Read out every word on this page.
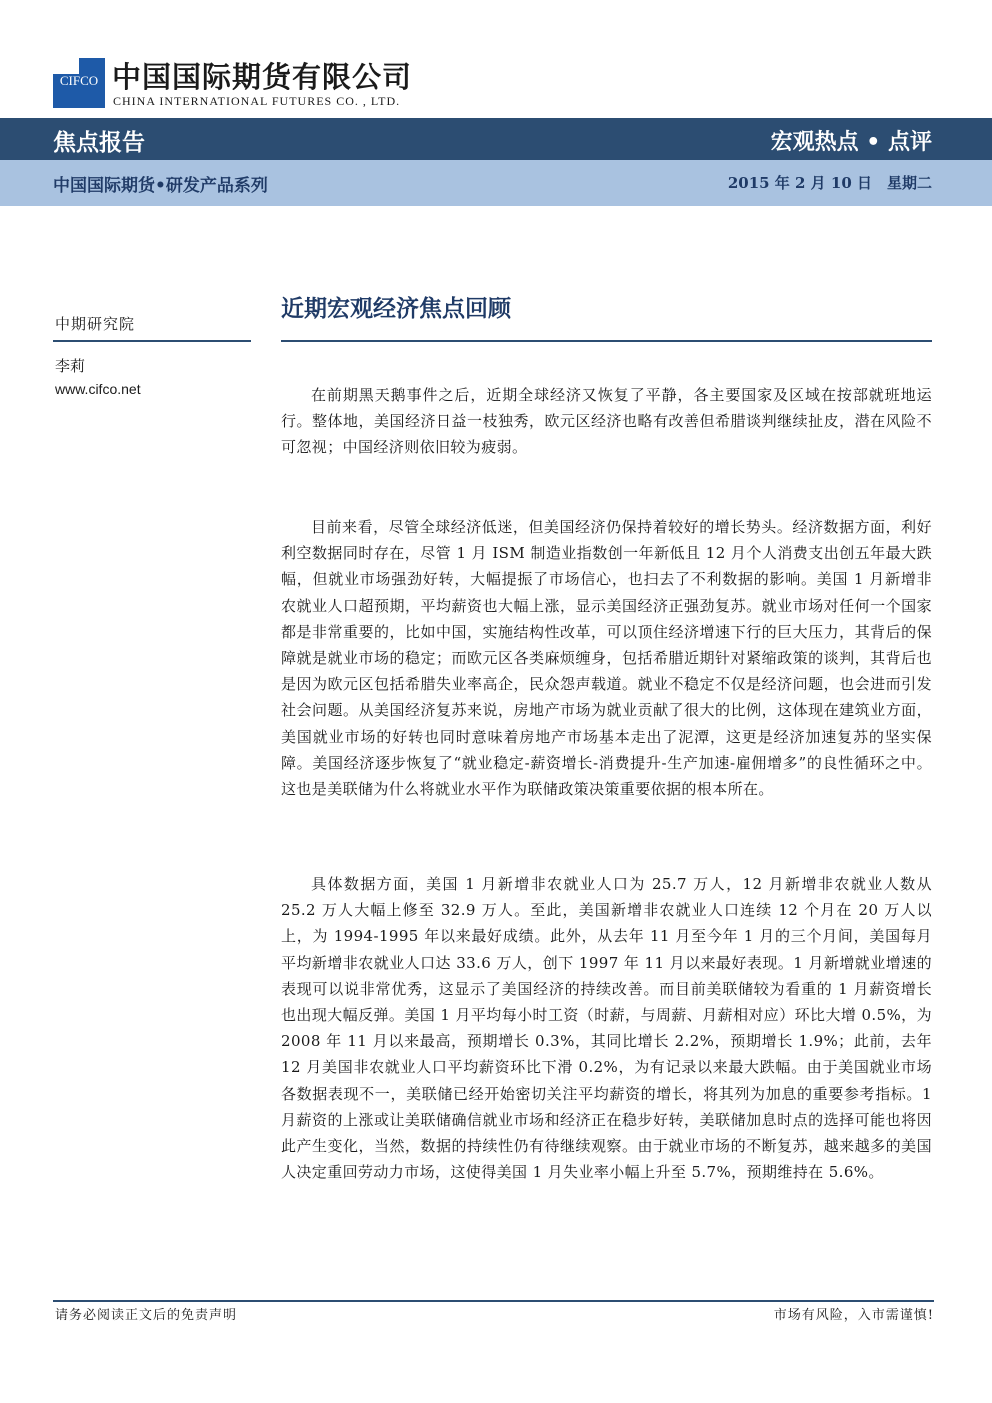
CIFCO 中国国际期货有限公司
CHINA INTERNATIONAL FUTURES CO. , LTD.
焦点报告	宏观热点 • 点评
中国国际期货•研发产品系列	2015 年 2 月 10 日　星期二
中期研究院
李莉
www.cifco.net
近期宏观经济焦点回顾

在前期黑天鹅事件之后，近期全球经济又恢复了平静，各主要国家及区域在按部就班地运行。整体地，美国经济日益一枝独秀，欧元区经济也略有改善但希腊谈判继续扯皮，潜在风险不可忽视；中国经济则依旧较为疲弱。

目前来看，尽管全球经济低迷，但美国经济仍保持着较好的增长势头。经济数据方面，利好利空数据同时存在，尽管 1 月 ISM 制造业指数创一年新低且 12 月个人消费支出创五年最大跌幅，但就业市场强劲好转，大幅提振了市场信心，也扫去了不利数据的影响。美国 1 月新增非农就业人口超预期，平均薪资也大幅上涨，显示美国经济正强劲复苏。就业市场对任何一个国家都是非常重要的，比如中国，实施结构性改革，可以顶住经济增速下行的巨大压力，其背后的保障就是就业市场的稳定；而欧元区各类麻烦缠身，包括希腊近期针对紧缩政策的谈判，其背后也是因为欧元区包括希腊失业率高企，民众怨声载道。就业不稳定不仅是经济问题，也会进而引发社会问题。从美国经济复苏来说，房地产市场为就业贡献了很大的比例，这体现在建筑业方面，美国就业市场的好转也同时意味着房地产市场基本走出了泥潭，这更是经济加速复苏的坚实保障。美国经济逐步恢复了“就业稳定-薪资增长-消费提升-生产加速-雇佣增多”的良性循环之中。这也是美联储为什么将就业水平作为联储政策决策重要依据的根本所在。

具体数据方面，美国 1 月新增非农就业人口为 25.7 万人，12 月新增非农就业人数从 25.2 万人大幅上修至 32.9 万人。至此，美国新增非农就业人口连续 12 个月在 20 万人以上，为 1994-1995 年以来最好成绩。此外，从去年 11 月至今年 1 月的三个月间，美国每月平均新增非农就业人口达 33.6 万人，创下 1997 年 11 月以来最好表现。1 月新增就业增速的表现可以说非常优秀，这显示了美国经济的持续改善。而目前美联储较为看重的 1 月薪资增长也出现大幅反弹。美国 1 月平均每小时工资（时薪，与周薪、月薪相对应）环比大增 0.5%，为 2008 年 11 月以来最高，预期增长 0.3%，其同比增长 2.2%，预期增长 1.9%；此前，去年 12 月美国非农就业人口平均薪资环比下滑 0.2%，为有记录以来最大跌幅。由于美国就业市场各数据表现不一，美联储已经开始密切关注平均薪资的增长，将其列为加息的重要参考指标。1 月薪资的上涨或让美联储确信就业市场和经济正在稳步好转，美联储加息时点的选择可能也将因此产生变化，当然，数据的持续性仍有待继续观察。由于就业市场的不断复苏，越来越多的美国人决定重回劳动力市场，这使得美国 1 月失业率小幅上升至 5.7%，预期维持在 5.6%。

请务必阅读正文后的免责声明	市场有风险，入市需谨慎!
